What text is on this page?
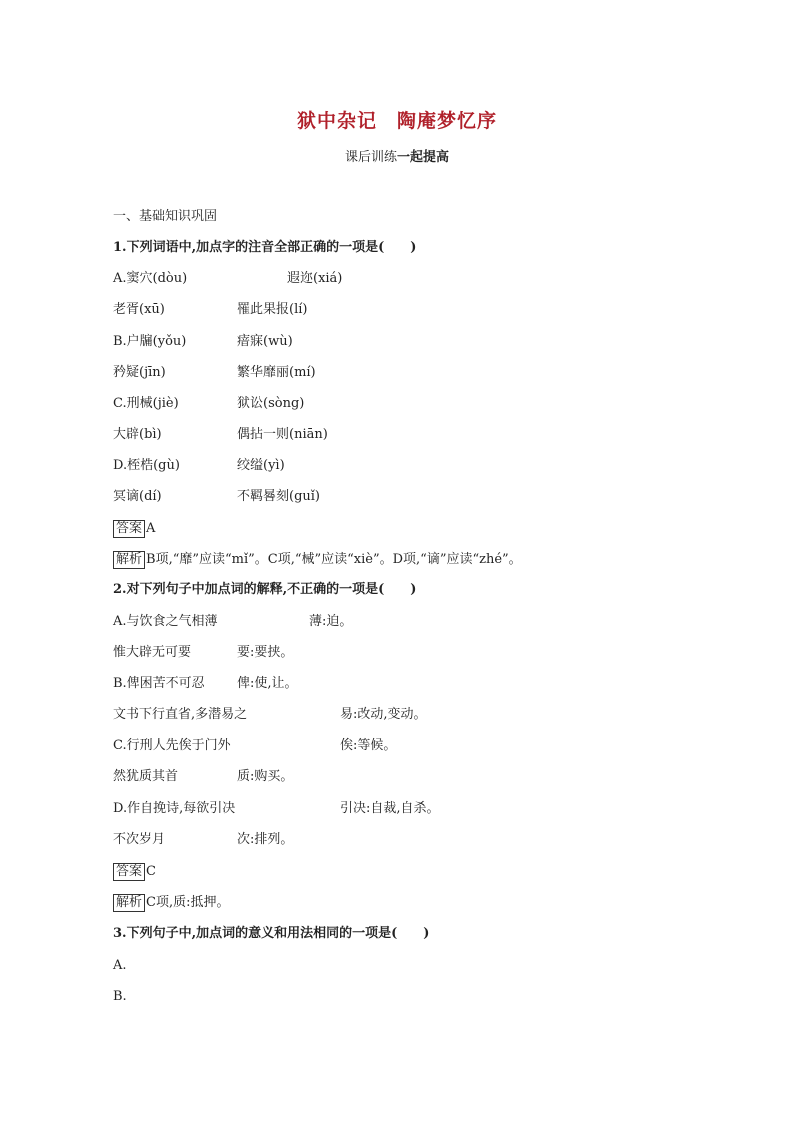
狱中杂记　陶庵梦忆序
课后训练一起提高
一、基础知识巩固
1.下列词语中,加点字的注音全部正确的一项是(　　)
A.窦穴(dòu)	遐迩(xiá)
老胥(xū)	罹此果报(lí)
B.户牖(yǒu)	瘖寐(wù)
矜疑(jīn)	繁华靡丽(mí)
C.刑械(jiè)	狱讼(sòng)
大辟(bì)	偶拈一则(niān)
D.桎梏(gù)	绞缢(yì)
冥谪(dí)	不羁晷刻(guǐ)
答案 A
解析 B项,“靡”应读“mǐ”。C项,“械”应读“xiè”。D项,“谪”应读“zhé”。
2.对下列句子中加点词的解释,不正确的一项是(　　)
A.与饮食之气相薄	薄:迫。
惟大辟无可要	要:要挟。
B.俾困苦不可忍 俾:使,让。
文书下行直省,多潜易之	易:改动,变动。
C.行刑人先俟于门外	俟:等候。
然犹质其首	质:购买。
D.作自挽诗,每欲引决	引决:自裁,自杀。
不次岁月	次:排列。
答案 C
解析 C项,质:抵押。
3.下列句子中,加点词的意义和用法相同的一项是(　　)
A.
B.
